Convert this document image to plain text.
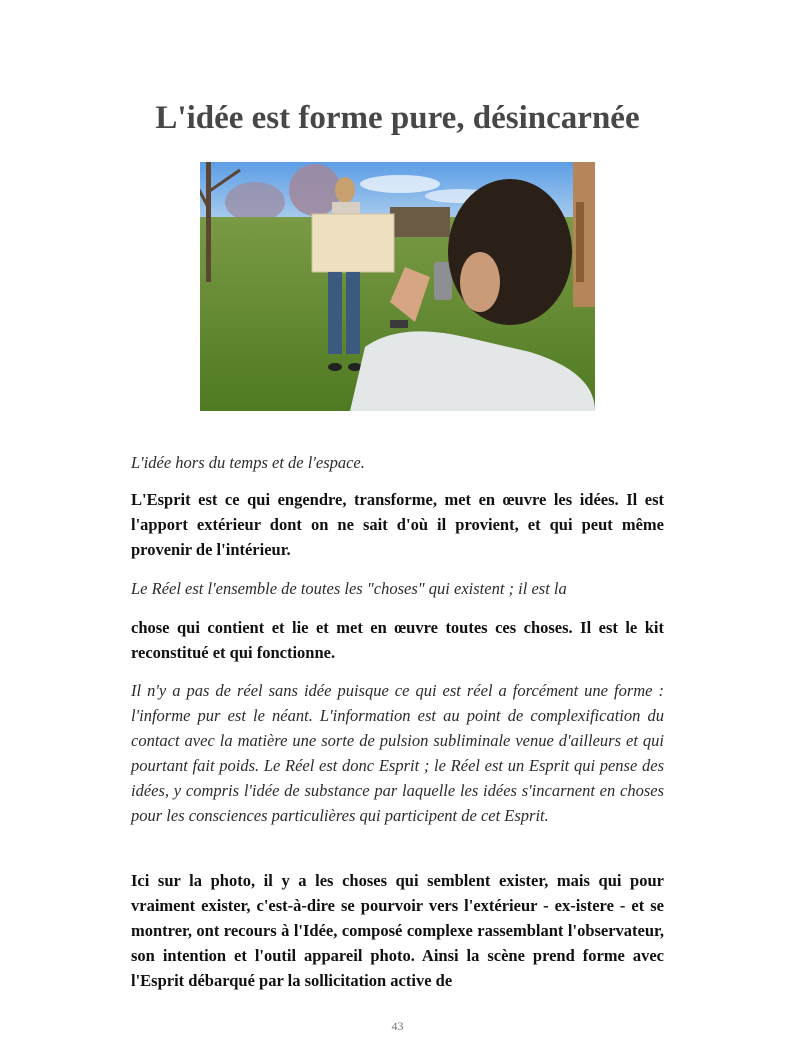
L'idée est forme pure, désincarnée

L'idée hors du temps et de l'espace.

L'Esprit est ce qui engendre, transforme, met en œuvre les idées. Il est l'apport extérieur dont on ne sait d'où il provient, et qui peut même provenir de l'intérieur.

Le Réel est l'ensemble de toutes les "choses" qui existent ; il est la

chose qui contient et lie et met en œuvre toutes ces choses. Il est le kit reconstitué et qui fonctionne.

Il n'y a pas de réel sans idée puisque ce qui est réel a forcément une forme : l'informe pur est le néant. L'information est au point de complexification du contact avec la matière une sorte de pulsion subliminale venue d'ailleurs et qui pourtant fait poids. Le Réel est donc Esprit ; le Réel est un Esprit qui pense des idées, y compris l'idée de substance par laquelle les idées s'incarnent en choses pour les consciences particulières qui participent de cet Esprit.

Ici sur la photo, il y a les choses qui semblent exister, mais qui pour vraiment exister, c'est-à-dire se pourvoir vers l'extérieur - ex-istere - et se montrer, ont recours à l'Idée, composé complexe rassemblant l'observateur, son intention et l'outil appareil photo. Ainsi la scène prend forme avec l'Esprit débarqué par la sollicitation active de

43
